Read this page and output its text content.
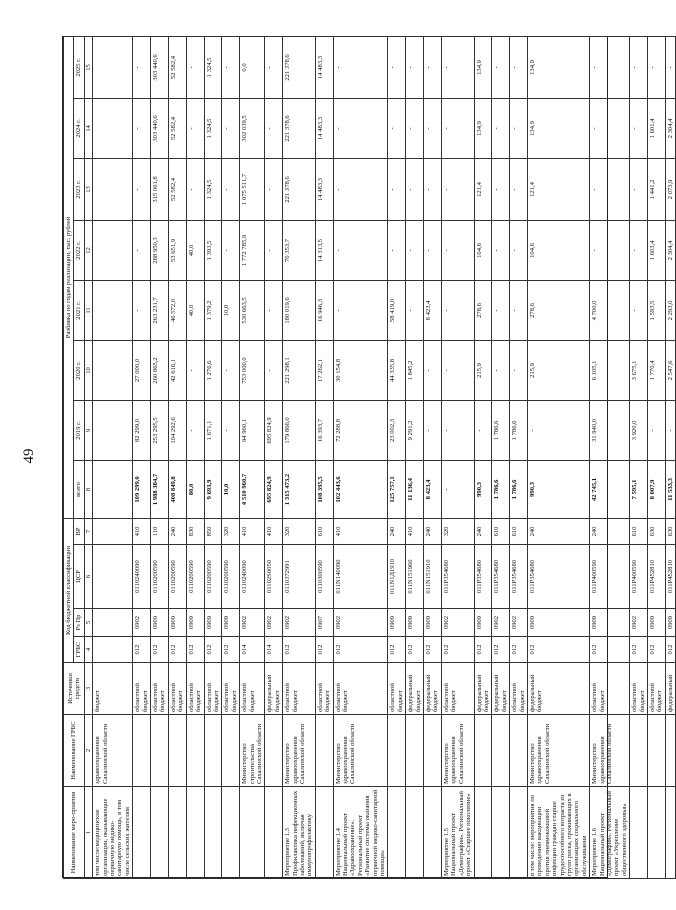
49
Наименование меро-приятия	Наименование ГРБС	Источники средств	Код бюджетной классификации				Разбивка по годам реализации, тыс. рублей							
			ГРБС	Рз Пр	ЦСР	ВР	всего	2019 г.	2020 г.	2021 г.	2022 г.	2023 г.	2024 г.	2025 г.
1	2	3	4	5	6	7	8	9	10	11	12	13	14	15
том числе:медицинские организации, оказывающие первичную медико-санитарную помощь, в том числе сельских жителям	здравоохранения Сахалинской области	бюджет												
		областной бюджет	012	0902	0110240090	410	109 299,0	82 299,0	27 000,0	-	-	-	-	-
		областной бюджет	012	0909	0110200590	110	1 988 384,7	253 295,5	260 865,2	263 231,7	288 950,3	315 061,8	303 440,6	303 440,6
		областной бюджет	012	0909	0110200590	240	408 849,8	104 292,6	42 616,1	46 572,0	53 651,9	52 582,4	52 582,4	52 582,4
		областной бюджет	012	0909	0110200590	830	80,0	-	-	40,0	40,0	-	-	-
		областной бюджет	012	0909	0110200590	850	9 693,9	1 671,1	1 276,6	1 379,2	1 393,5	1 324,5	1 324,5	1 324,5
		областной бюджет	012	0909	0110200590	320	10,0	-	-	10,0	-	-	-	-
	Министерство строительства Сахалинской области	областной бюджет	014	0902	0110240090	410	4 510 960,7	94 960,1	753 000,0	530 663,5	1 772 785,9	1 075 511,7	302 039,5	0,0
		федеральный бюджет	014	0902	01102S0050	410	695 824,9	695 824,9	-	-	-	-	-	-
Мероприятие 1.3 Профилактика инфекционных заболеваний, включая иммунопрофилактику	Министерство здравоохранения Сахалинской области	областной бюджет	012	0902	0110372991	320	1 315 473,2	179 866,0	221 298,1	180 019,6	70 353,7	221 378,6	221 378,6	221 378,6
		областной бюджет	012	0907	0110300590	610	108 395,5	16 393,7	17 262,1	16 946,3	14 313,5	14 483,3	14 483,3	14 483,3
Мероприятие 1.4 Национальный проект «Здравоохранение». Региональный проект «Развитие системы оказания первичной медико-санитарной помощи»	Министерство здравоохранения Сахалинской области	областной бюджет	012	0902	011N140090	410	102 443,6	72 288,8	30 154,8	-	-	-	-	-
		областной бюджет	012	0909	011N1Д1910	240	125 757,1	23 002,3	44 335,8	58 419,0	-	-	-	-
		федеральный бюджет	012	0909	011N151960	410	11 136,4	9 291,2	1 845,2	-	-	-	-	-
		федеральный бюджет	012	0909	011N151910	240	8 423,4	-	-	8 423,4	-	-	-	-
Мероприятие 1.5 Национальный проект «Демография». Региональный проект «Старшее поколение»	Министерство здравоохранения Сахалинской области	областной бюджет	012	0902	011P354680	320	-	-	-	-	-	-	-	-
		федеральный бюджет	012	0909	011P354680	240	990,3	-	215,9	278,6	104,6	121,4	134,9	134,9
		федеральный бюджет	012	0902	011P354680	610	1 786,6	1 786,6	-	-	-	-	-	-
		областной бюджет	012	0902	011P354680	610	1 786,6	1 786,6	-	-	-	-	-	-
в том числе: мероприятия по проведению вакцинации против пневмококковой инфекции граждан старше трудоспособного возраста из групп риска, проживающих в организациях социального обслуживания	Министерство здравоохранения Сахалинской области	федеральный бюджет	012	0909	011P354680	240	990,3	-	215,9	278,6	104,6	121,4	134,9	134,9
Мероприятие 1.6 Национальный проект «Демография». Региональный проект «Укрепление общественного здоровья»	Министерство здравоохранения Сахалинской области	областной бюджет	012	0909	011P400590	240	42 745,1	31 940,0	6 105,1	4 700,0	-	-	-	-
		областной бюджет	012	0902	011P400590	610	7 595,1	3 920,0	3 675,1	-	-	-	-	-
		областной бюджет	012	0909	011P452810	630	8 007,9	-	1 770,4	1 593,5	1 603,4	1 441,2	1 601,4	-
		федеральный	012	0909	011P452810	630	11 533,3	-	2 547,6	2 293,0	2 304,4	2 073,9	2 304,4	-
